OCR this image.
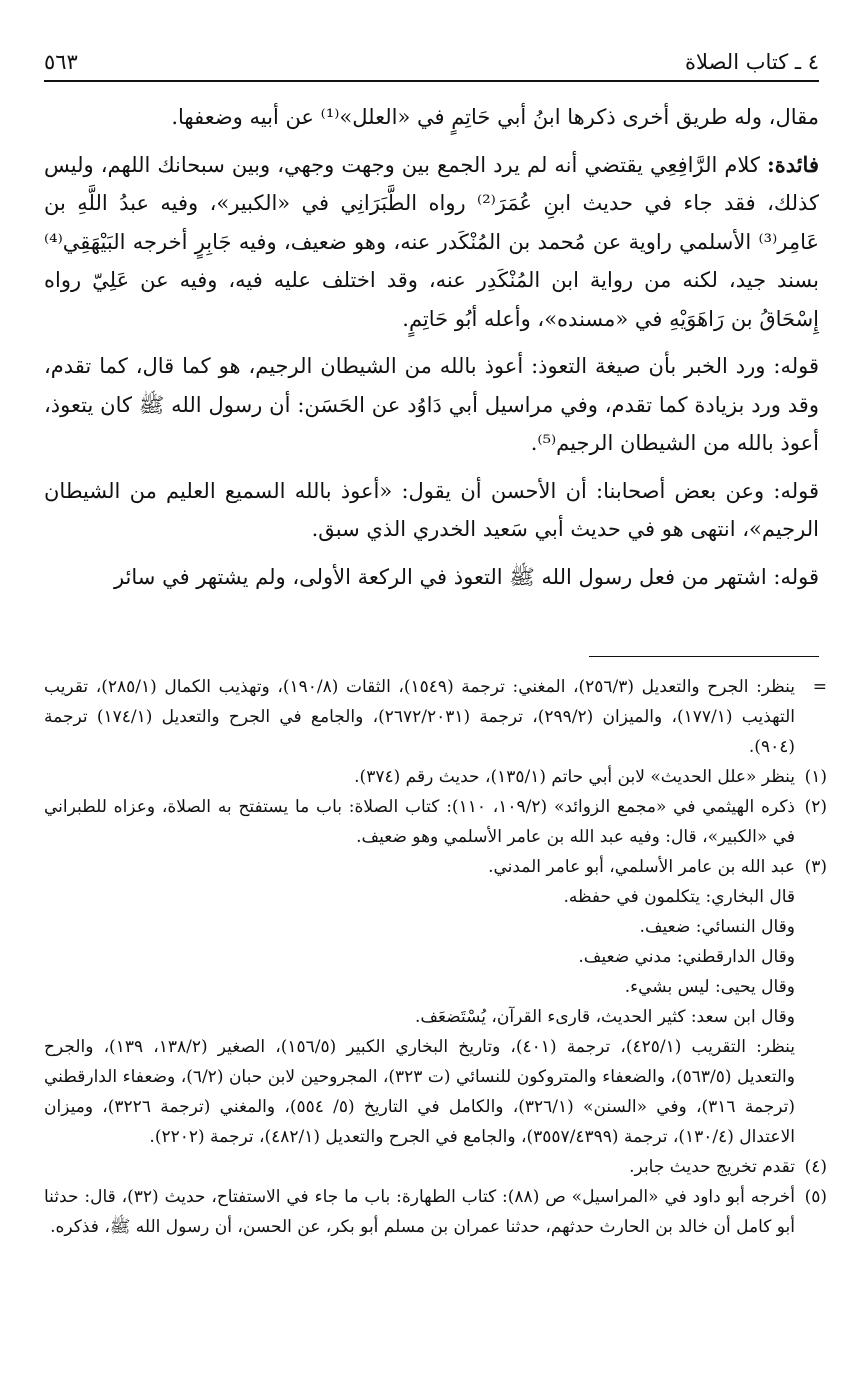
٤ ـ كتاب الصلاة
٥٦٣

مقال، وله طريق أخرى ذكرها ابنُ أبي حَاتِمٍ في «العلل»⁽¹⁾ عن أبيه وضعفها.

فائدة: كلام الرَّافِعِي يقتضي أنه لم يرد الجمع بين وجهت وجهي، وبين سبحانك اللهم، وليس كذلك، فقد جاء في حديث ابنِ عُمَرَ⁽²⁾ رواه الطَّبَرَانِي في «الكبير»، وفيه عبدُ اللَّهِ بن عَامِر⁽³⁾ الأسلمي راوية عن مُحمد بن المُنْكَدر عنه، وهو ضعيف، وفيه جَابِرٍ أخرجه البَيْهَقِي⁽⁴⁾ بسند جيد، لكنه من رواية ابن المُنْكَدِر عنه، وقد اختلف عليه فيه، وفيه عن عَلِيّ رواه إِسْحَاقُ بن رَاهَوَيْهِ في «مسنده»، وأعله أبُو حَاتِمٍ.

قوله: ورد الخبر بأن صيغة التعوذ: أعوذ بالله من الشيطان الرجيم، هو كما قال، كما تقدم، وقد ورد بزيادة كما تقدم، وفي مراسيل أبي دَاوُد عن الحَسَن: أن رسول الله ﷺ كان يتعوذ، أعوذ بالله من الشيطان الرجيم⁽⁵⁾.

قوله: وعن بعض أصحابنا: أن الأحسن أن يقول: «أعوذ بالله السميع العليم من الشيطان الرجيم»، انتهى هو في حديث أبي سَعيد الخدري الذي سبق.

قوله: اشتهر من فعل رسول الله ﷺ التعوذ في الركعة الأولى، ولم يشتهر في سائر

=
ينظر: الجرح والتعديل (٢٥٦/٣)، المغني: ترجمة (١٥٤٩)، الثقات (١٩٠/٨)، وتهذيب الكمال (٢٨٥/١)، تقريب التهذيب (١٧٧/١)، والميزان (٢٩٩/٢)، ترجمة (٢٦٧٢/٢٠٣١)، والجامع في الجرح والتعديل (١٧٤/١) ترجمة (٩٠٤).
(١)
ينظر «علل الحديث» لابن أبي حاتم (١٣٥/١)، حديث رقم (٣٧٤).
(٢)
ذكره الهيثمي في «مجمع الزوائد» (١٠٩/٢، ١١٠): كتاب الصلاة: باب ما يستفتح به الصلاة، وعزاه للطبراني في «الكبير»، قال: وفيه عبد الله بن عامر الأسلمي وهو ضعيف.
(٣)
عبد الله بن عامر الأسلمي، أبو عامر المدني.

قال البخاري: يتكلمون في حفظه.

وقال النسائي: ضعيف.

وقال الدارقطني: مدني ضعيف.

وقال يحيى: ليس بشيء.

وقال ابن سعد: كثير الحديث، قارىء القرآن، يُسْتَضعَف.

ينظر: التقريب (٤٢٥/١)، ترجمة (٤٠١)، وتاريخ البخاري الكبير (١٥٦/٥)، الصغير (١٣٨/٢، ١٣٩)، والجرح والتعديل (٥٦٣/٥)، والضعفاء والمتروكون للنسائي (ت ٣٢٣)، المجروحين لابن حبان (٦/٢)، وضعفاء الدارقطني (ترجمة ٣١٦)، وفي «السنن» (٣٢٦/١)، والكامل في التاريخ (٥/ ٥٥٤)، والمغني (ترجمة ٣٢٢٦)، وميزان الاعتدال (١٣٠/٤)، ترجمة (٣٥٥٧/٤٣٩٩)، والجامع في الجرح والتعديل (٤٨٢/١)، ترجمة (٢٢٠٢).

(٤)
تقدم تخريج حديث جابر.
(٥)
أخرجه أبو داود في «المراسيل» ص (٨٨): كتاب الطهارة: باب ما جاء في الاستفتاح، حديث (٣٢)، قال: حدثنا أبو كامل أن خالد بن الحارث حدثهم، حدثنا عمران بن مسلم أبو بكر، عن الحسن، أن رسول الله ﷺ، فذكره.
